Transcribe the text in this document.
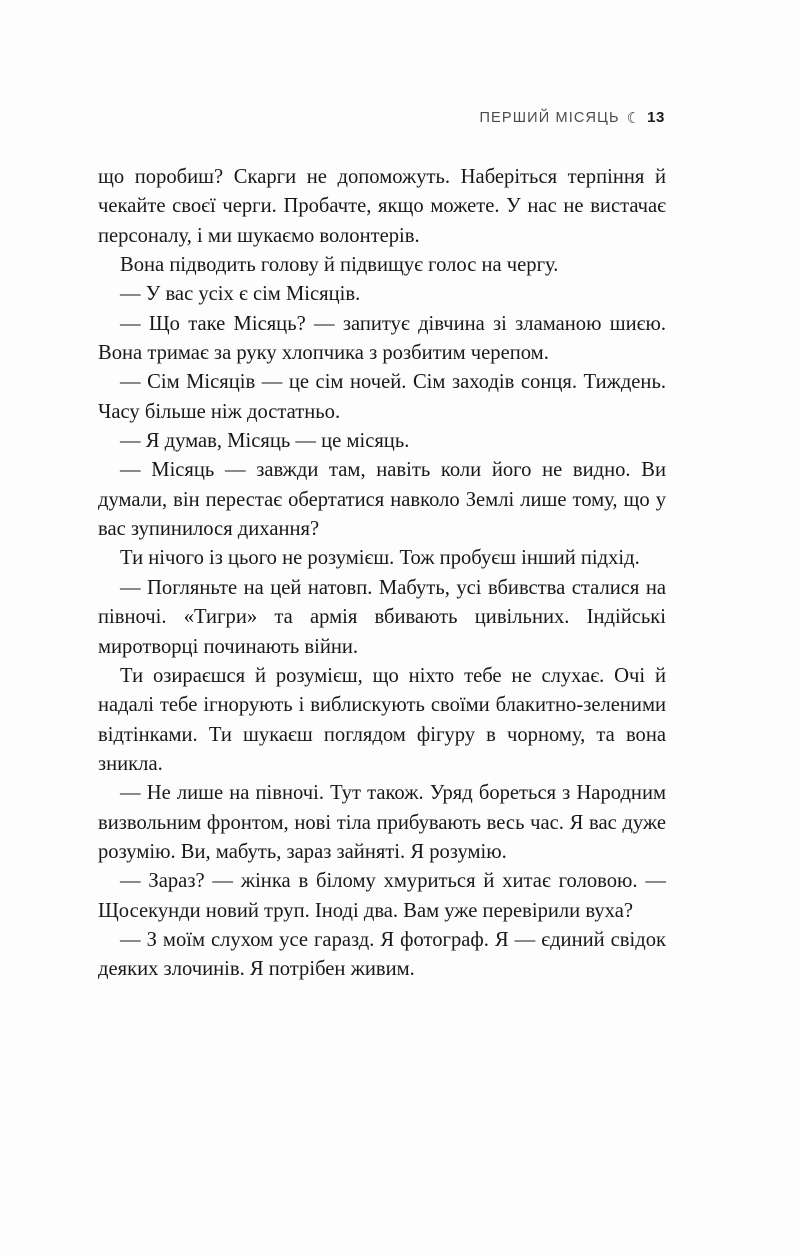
ПЕРШИЙ МІСЯЦЬ ☾ 13

що поробиш? Скарги не допоможуть. Наберіться терпіння й чекайте своєї черги. Пробачте, якщо можете. У нас не вистачає персоналу, і ми шукаємо волонтерів.

Вона підводить голову й підвищує голос на чергу.

— У вас усіх є сім Місяців.

— Що таке Місяць? — запитує дівчина зі зламаною шиєю. Вона тримає за руку хлопчика з розбитим черепом.

— Сім Місяців — це сім ночей. Сім заходів сонця. Тиждень. Часу більше ніж достатньо.

— Я думав, Місяць — це місяць.

— Місяць — завжди там, навіть коли його не видно. Ви думали, він перестає обертатися навколо Землі лише тому, що у вас зупинилося дихання?

Ти нічого із цього не розумієш. Тож пробуєш інший підхід.

— Погляньте на цей натовп. Мабуть, усі вбивства сталися на півночі. «Тигри» та армія вбивають цивільних. Індійські миротворці починають війни.

Ти озираєшся й розумієш, що ніхто тебе не слухає. Очі й надалі тебе ігнорують і виблискують своїми блакитно-зеленими відтінками. Ти шукаєш поглядом фігуру в чорному, та вона зникла.

— Не лише на півночі. Тут також. Уряд бореться з Народним визвольним фронтом, нові тіла прибувають весь час. Я вас дуже розумію. Ви, мабуть, зараз зайняті. Я розумію.

— Зараз? — жінка в білому хмуриться й хитає головою. — Щосекунди новий труп. Іноді два. Вам уже перевірили вуха?

— З моїм слухом усе гаразд. Я фотограф. Я — єдиний свідок деяких злочинів. Я потрібен живим.
